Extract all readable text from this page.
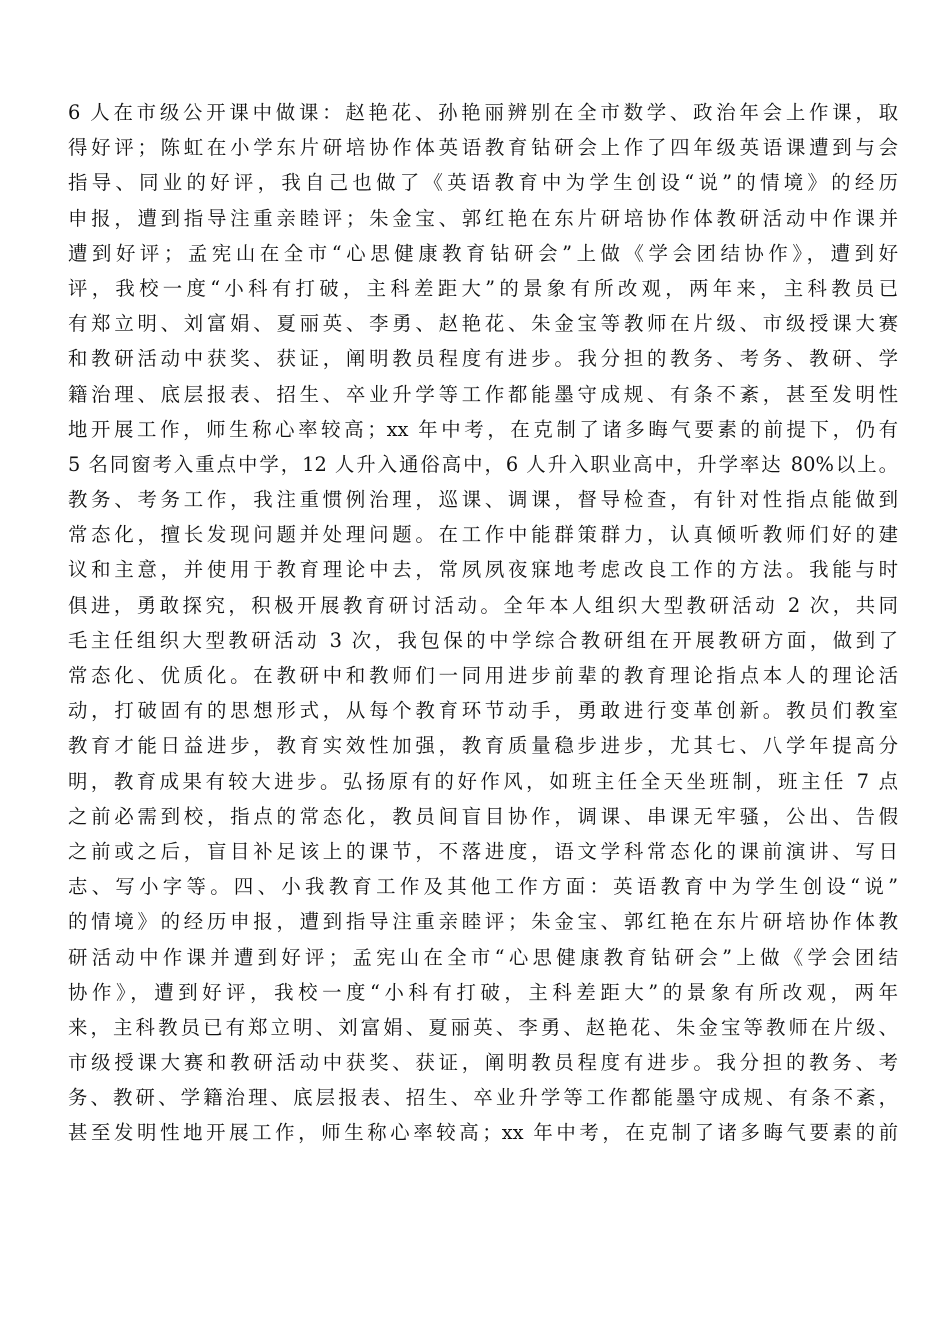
6 人在市级公开课中做课：赵艳花、孙艳丽辨别在全市数学、政治年会上作课，取
得好评；陈虹在小学东片研培协作体英语教育钻研会上作了四年级英语课遭到与会
指导、同业的好评，我自己也做了《英语教育中为学生创设“说”的情境》的经历
申报，遭到指导注重亲睦评；朱金宝、郭红艳在东片研培协作体教研活动中作课并
遭到好评；孟宪山在全市“心思健康教育钻研会”上做《学会团结协作》，遭到好
评，我校一度“小科有打破，主科差距大”的景象有所改观，两年来，主科教员已
有郑立明、刘富娟、夏丽英、李勇、赵艳花、朱金宝等教师在片级、市级授课大赛
和教研活动中获奖、获证，阐明教员程度有进步。我分担的教务、考务、教研、学
籍治理、底层报表、招生、卒业升学等工作都能墨守成规、有条不紊，甚至发明性
地开展工作，师生称心率较高；xx 年中考，在克制了诸多晦气要素的前提下，仍有
5 名同窗考入重点中学，12 人升入通俗高中，6 人升入职业高中，升学率达 80%以上。
教务、考务工作，我注重惯例治理，巡课、调课，督导检查，有针对性指点能做到
常态化，擅长发现问题并处理问题。在工作中能群策群力，认真倾听教师们好的建
议和主意，并使用于教育理论中去，常夙夙夜寐地考虑改良工作的方法。我能与时
俱进，勇敢探究，积极开展教育研讨活动。全年本人组织大型教研活动 2 次，共同
毛主任组织大型教研活动 3 次，我包保的中学综合教研组在开展教研方面，做到了
常态化、优质化。在教研中和教师们一同用进步前辈的教育理论指点本人的理论活
动，打破固有的思想形式，从每个教育环节动手，勇敢进行变革创新。教员们教室
教育才能日益进步，教育实效性加强，教育质量稳步进步，尤其七、八学年提高分
明，教育成果有较大进步。弘扬原有的好作风，如班主任全天坐班制，班主任 7 点
之前必需到校，指点的常态化，教员间盲目协作，调课、串课无牢骚，公出、告假
之前或之后，盲目补足该上的课节，不落进度，语文学科常态化的课前演讲、写日
志、写小字等。四、小我教育工作及其他工作方面：英语教育中为学生创设“说”
的情境》的经历申报，遭到指导注重亲睦评；朱金宝、郭红艳在东片研培协作体教
研活动中作课并遭到好评；孟宪山在全市“心思健康教育钻研会”上做《学会团结
协作》，遭到好评，我校一度“小科有打破，主科差距大”的景象有所改观，两年
来，主科教员已有郑立明、刘富娟、夏丽英、李勇、赵艳花、朱金宝等教师在片级、
市级授课大赛和教研活动中获奖、获证，阐明教员程度有进步。我分担的教务、考
务、教研、学籍治理、底层报表、招生、卒业升学等工作都能墨守成规、有条不紊，
甚至发明性地开展工作，师生称心率较高；xx 年中考，在克制了诸多晦气要素的前
